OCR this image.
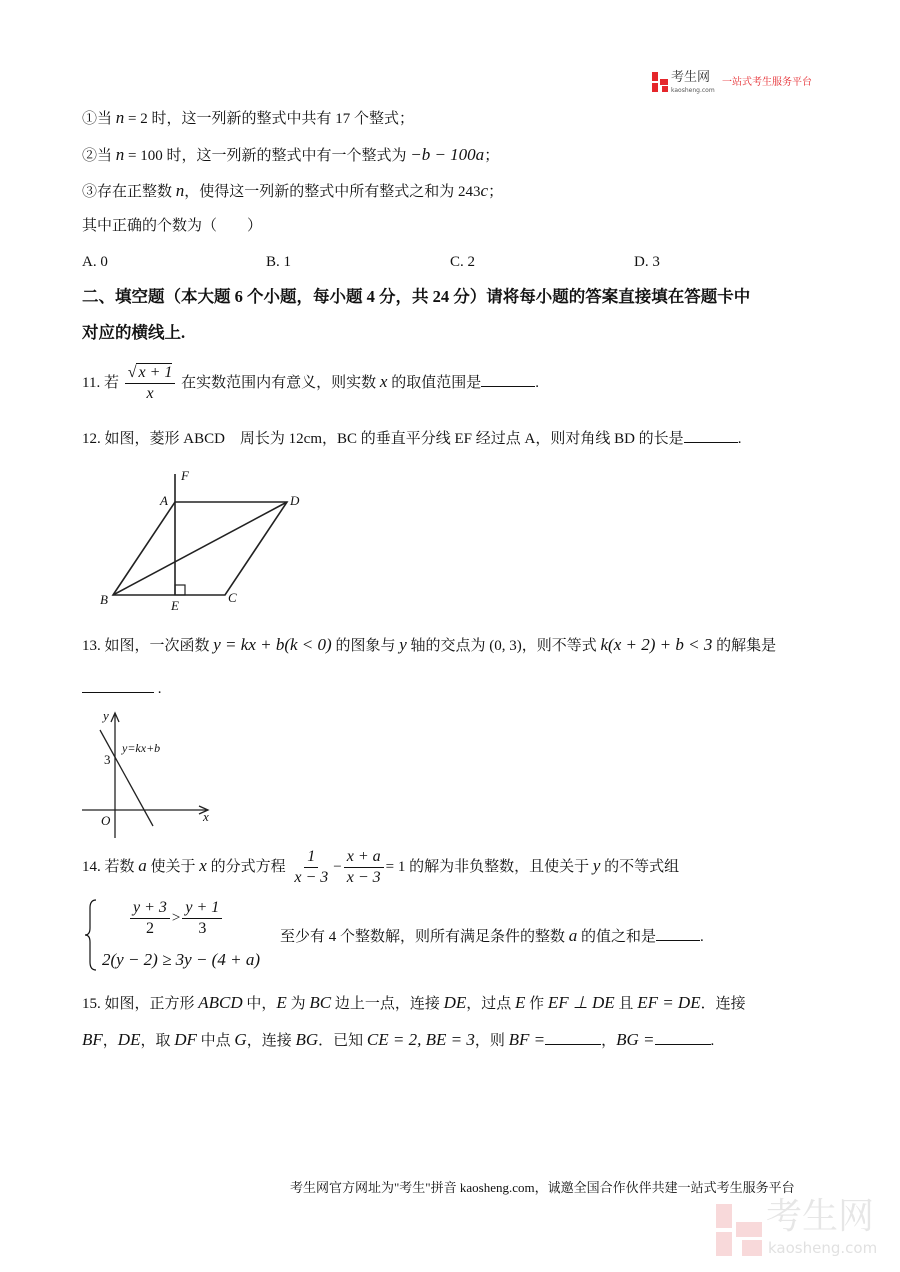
考生网
kaosheng.com
一站式考生服务平台
①当 n = 2 时，这一列新的整式中共有 17 个整式；
②当 n = 100 时，这一列新的整式中有一个整式为 −b − 100a；
③存在正整数 n，使得这一列新的整式中所有整式之和为 243c；
其中正确的个数为（　　）
A. 0	B. 1	C. 2	D. 3
二、填空题（本大题 6 个小题，每小题 4 分，共 24 分）请将每小题的答案直接填在答题卡中
对应的横线上.
11. 若 $\frac{√ x + 1}{x}$ 在实数范围内有意义，则实数 x 的取值范围是	.
12. 如图，菱形 ABCD　周长为 12cm，BC 的垂直平分线 EF 经过点 A，则对角线 BD 的长是	.
F
A	D
B	E
C
13. 如图，一次函数 y = kx + b(k < 0) 的图象与 y 轴的交点为 (0, 3)，则不等式 k(x + 2) + b < 3 的解集是
.
y
3
y=kx+b
O	x
14. 若数 a 使关于 x 的分式方程 $\frac{1}{x - 3} - \frac{x + a}{x - 3} = 1$ 的解为非负整数，且使关于 y 的不等式组
$\frac{y + 3}{2} > \frac{y + 1}{3}$
2(y − 2) ≥ 3y − (4 + a)
至少有 4 个整数解，则所有满足条件的整数 a 的值之和是	.
15. 如图，正方形 ABCD 中，E 为 BC 边上一点，连接 DE，过点 E 作 EF ⊥ DE 且 EF = DE．连接
BF，DE，取 DF 中点 G，连接 BG．已知 CE = 2, BE = 3，则 BF =	，BG =	.
考生网官方网址为"考生"拼音 kaosheng.com，诚邀全国合作伙伴共建一站式考生服务平台
考生网
kaosheng.com
